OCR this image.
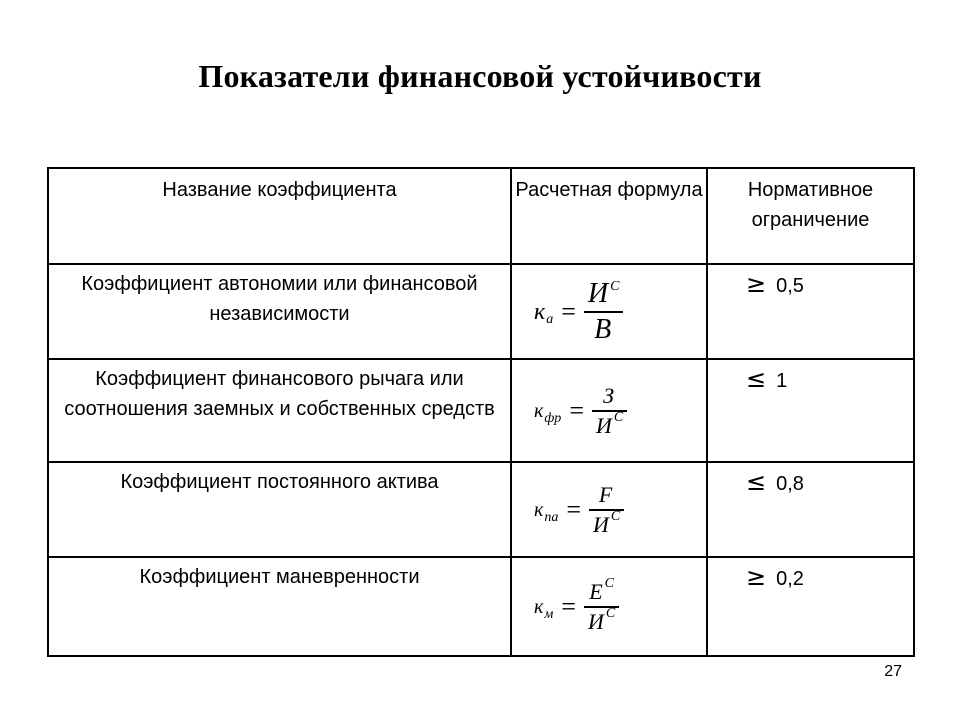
Показатели финансовой устойчивости
Название коэффициента	Расчетная формула	Нормативное ограничение

Коэффициент автономии или финансовой независимости	к $а = \frac{И ^С}{В}$	≥ 0,5

Коэффициент финансового рычага или соотношения заемных и собственных средств	к фр = $\frac{З}{И ^С}$	≤ 1

Коэффициент постоянного актива	к па = $\frac{F}{И ^С}$	≤ 0,8

Коэффициент маневренности	к $м = \frac{Е ^С}{И ^С}$	≥ 0,2
27
